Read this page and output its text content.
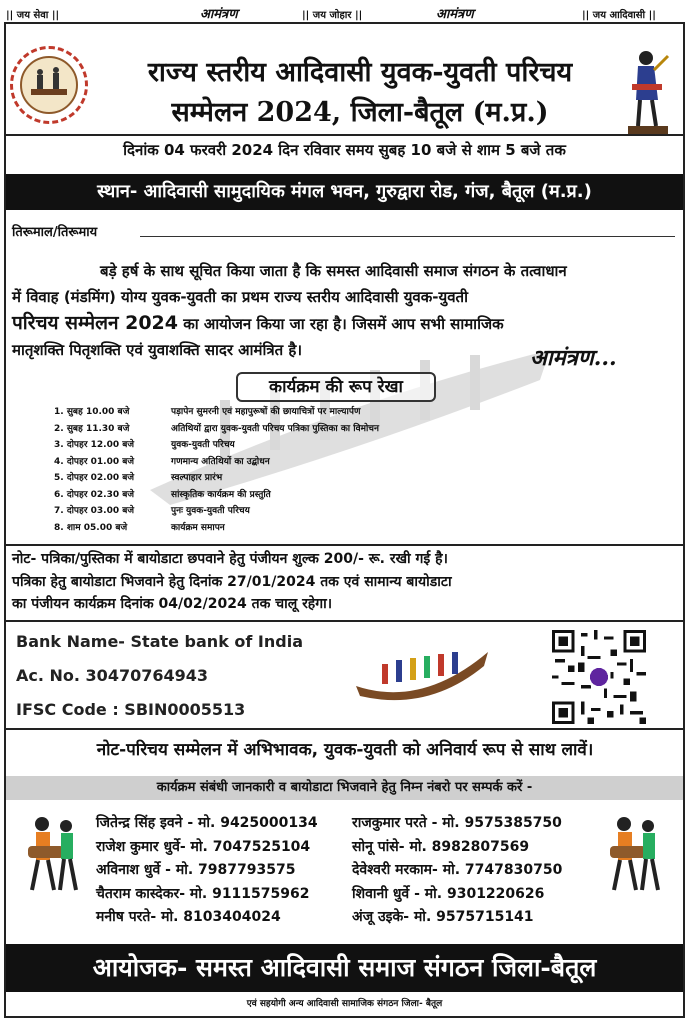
|| जय सेवा ||	आमंत्रण	|| जय जोहार ||	आमंत्रण	|| जय आदिवासी ||
राज्य स्तरीय आदिवासी युवक-युवती परिचय
सम्मेलन 2024, जिला-बैतूल (म.प्र.)
दिनांक 04 फरवरी 2024 दिन रविवार समय सुबह 10 बजे से शाम 5 बजे तक
स्थान- आदिवासी सामुदायिक मंगल भवन, गुरुद्वारा रोड, गंज, बैतूल (म.प्र.)
तिरूमाल/तिरूमाय
बड़े हर्ष के साथ सूचित किया जाता है कि समस्त आदिवासी समाज संगठन के तत्वाधान
में विवाह (मंडमिंग) योग्य युवक-युवती का प्रथम राज्य स्तरीय आदिवासी युवक-युवती
परिचय सम्मेलन 2024 का आयोजन किया जा रहा है। जिसमें आप सभी सामाजिक
मातृशक्ति पितृशक्ति एवं युवाशक्ति सादर आमंत्रित है।	आमंत्रण...
कार्यक्रम की रूप रेखा
1. सुबह 10.00 बजे	पड़ापेन सुमरनी एवं महापुरूषों की छायाचित्रों पर माल्यार्पण
2. सुबह 11.30 बजे	अतिथियों द्वारा युवक-युवती परिचय पत्रिका पुस्तिका का विमोचन
3. दोपहर 12.00 बजे	युवक-युवती परिचय
4. दोपहर 01.00 बजे	गणमान्य अतिथियों का उद्बोधन
5. दोपहर 02.00 बजे	स्वल्पाहार प्रारंभ
6. दोपहर 02.30 बजे	सांस्कृतिक कार्यक्रम की प्रस्तुति
7. दोपहर 03.00 बजे	पुनः युवक-युवती परिचय
8. शाम 05.00 बजे	कार्यक्रम समापन
नोट- पत्रिका/पुस्तिका में बायोडाटा छपवाने हेतु पंजीयन शुल्क 200/- रू. रखी गई है।
पत्रिका हेतु बायोडाटा भिजवाने हेतु दिनांक 27/01/2024 तक एवं सामान्य बायोडाटा
का पंजीयन कार्यक्रम दिनांक 04/02/2024 तक चालू रहेगा।
Bank Name- State bank of India
Ac. No. 30470764943
IFSC Code : SBIN0005513
नोट-परिचय सम्मेलन में अभिभावक, युवक-युवती को अनिवार्य रूप से साथ लावें।
कार्यक्रम संबंधी जानकारी व बायोडाटा भिजवाने हेतु निम्न नंबरो पर सम्पर्क करें -
जितेन्द्र सिंह इवने - मो. 9425000134
राजेश कुमार धुर्वे- मो. 7047525104
अविनाश धुर्वे - मो. 7987793575
चैतराम कास्देकर- मो. 9111575962
मनीष परते- मो. 8103404024
राजकुमार परते - मो. 9575385750
सोनू पांसे- मो. 8982807569
देवेश्वरी मरकाम- मो. 7747830750
शिवानी धुर्वे - मो. 9301220626
अंजू उइके- मो. 9575715141
आयोजक- समस्त आदिवासी समाज संगठन जिला-बैतूल
एवं सहयोगी अन्य आदिवासी सामाजिक संगठन जिला- बैतूल
